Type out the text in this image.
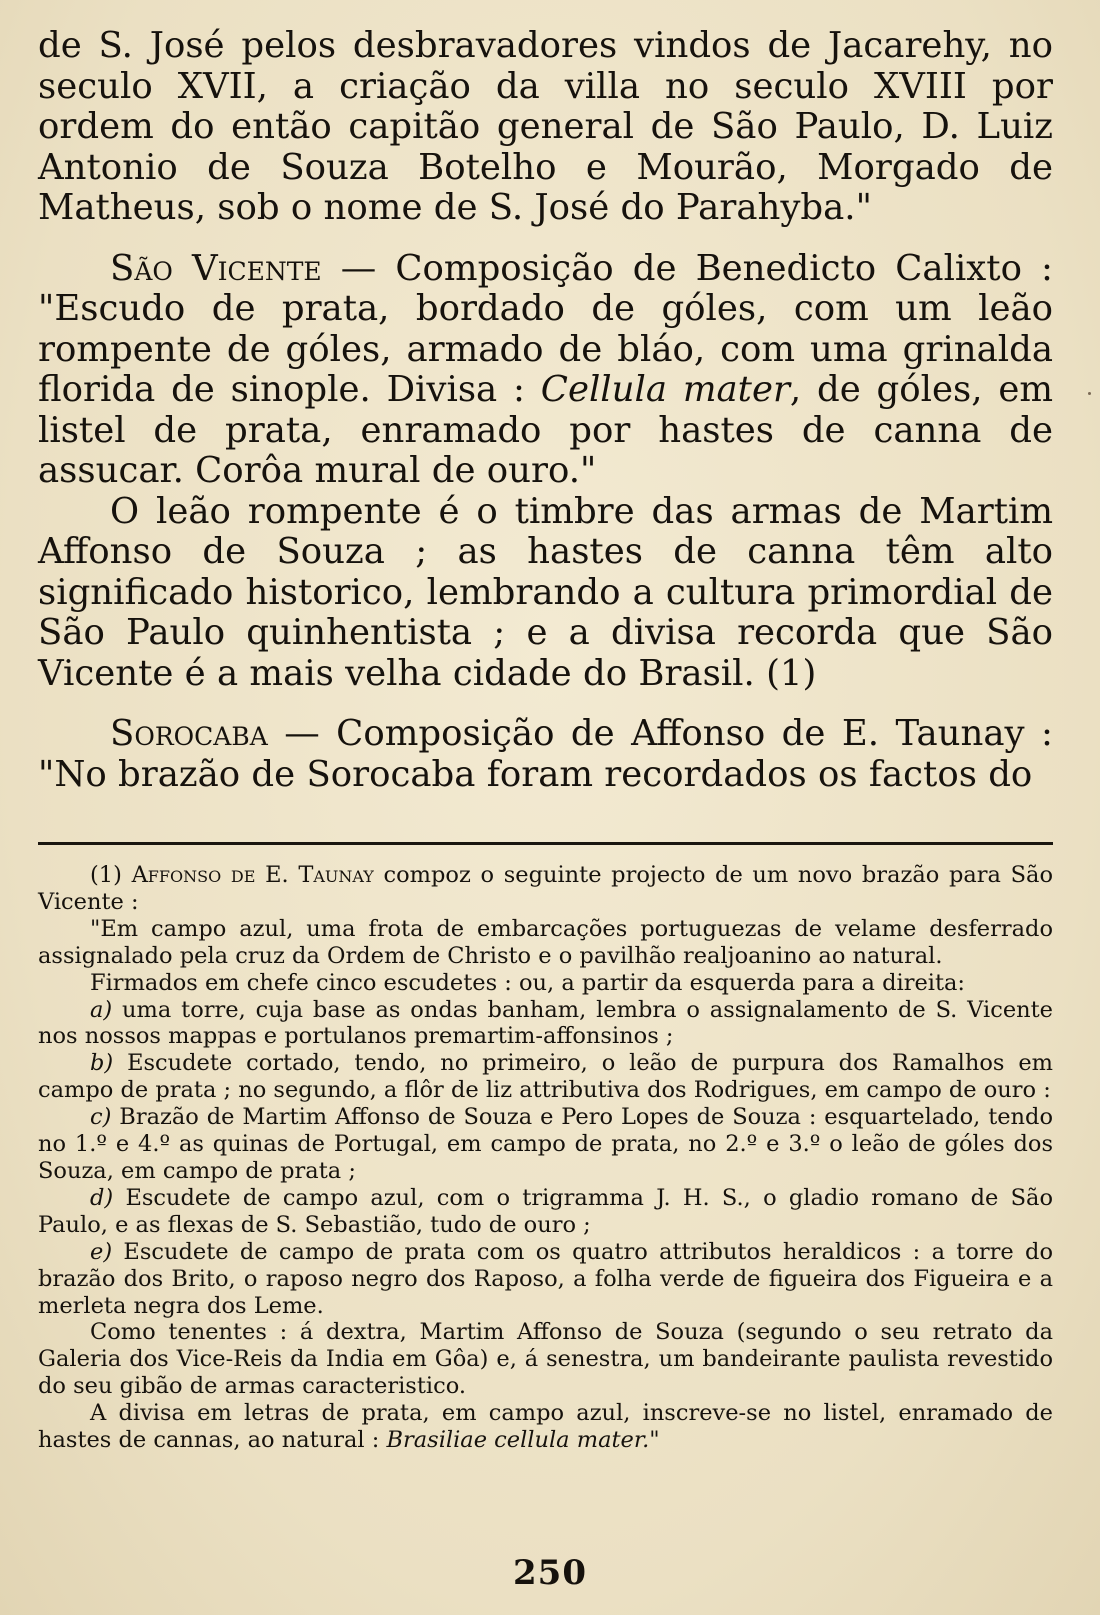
de S. José pelos desbravadores vindos de Jacarehy, no seculo XVII, a criação da villa no seculo XVIII por ordem do então capitão general de São Paulo, D. Luiz Antonio de Souza Botelho e Mourão, Morgado de Matheus, sob o nome de S. José do Parahyba."

São Vicente — Composição de Benedicto Calixto : "Escudo de prata, bordado de góles, com um leão rompente de góles, armado de bláo, com uma grinalda florida de sinople. Divisa : Cellula mater, de góles, em listel de prata, enramado por hastes de canna de assucar. Corôa mural de ouro."

O leão rompente é o timbre das armas de Martim Affonso de Souza ; as hastes de canna têm alto significado historico, lembrando a cultura primordial de São Paulo quinhentista ; e a divisa recorda que São Vicente é a mais velha cidade do Brasil. (1)

Sorocaba — Composição de Affonso de E. Taunay : "No brazão de Sorocaba foram recordados os factos do

(1) Affonso de E. Taunay compoz o seguinte projecto de um novo brazão para São Vicente :

"Em campo azul, uma frota de embarcações portuguezas de velame desferrado assignalado pela cruz da Ordem de Christo e o pavilhão realjoanino ao natural.

Firmados em chefe cinco escudetes : ou, a partir da esquerda para a direita:

a) uma torre, cuja base as ondas banham, lembra o assignalamento de S. Vicente nos nossos mappas e portulanos premartim-affonsinos ;

b) Escudete cortado, tendo, no primeiro, o leão de purpura dos Ramalhos em campo de prata ; no segundo, a flôr de liz attributiva dos Rodrigues, em campo de ouro :

c) Brazão de Martim Affonso de Souza e Pero Lopes de Souza : esquartelado, tendo no 1.º e 4.º as quinas de Portugal, em campo de prata, no 2.º e 3.º o leão de góles dos Souza, em campo de prata ;

d) Escudete de campo azul, com o trigramma J. H. S., o gladio romano de São Paulo, e as flexas de S. Sebastião, tudo de ouro ;

e) Escudete de campo de prata com os quatro attributos heraldicos : a torre do brazão dos Brito, o raposo negro dos Raposo, a folha verde de figueira dos Figueira e a merleta negra dos Leme.

Como tenentes : á dextra, Martim Affonso de Souza (segundo o seu retrato da Galeria dos Vice-Reis da India em Gôa) e, á senestra, um bandeirante paulista revestido do seu gibão de armas caracteristico.

A divisa em letras de prata, em campo azul, inscreve-se no listel, enramado de hastes de cannas, ao natural : Brasiliae cellula mater."

250
